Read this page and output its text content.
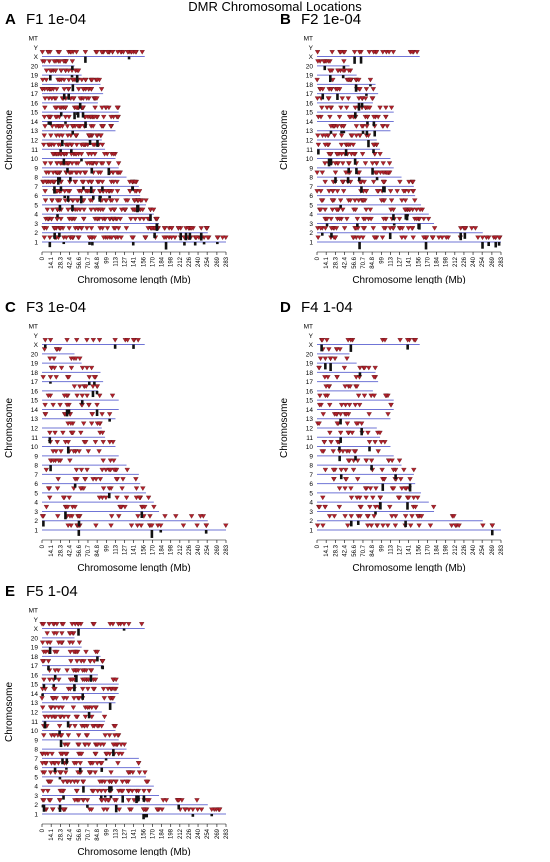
DMR Chromosomal Locations
A F1 1e-04
Chromosome
1
2
3
4
5
6
7
8
9
10
11
12
13
14
15
16
17
18
19
20
X
Y
MT
0 14.1 28.3 42.4 56.6 70.7 84.8 99 113 127 141 156 170 184 198 212 226 240 254 269 283
Chromosome length (Mb)
B F2 1e-04
Chromosome
1
2
3
4
5
6
7
8
9
10
11
12
13
14
15
16
17
18
19
20
X
Y
MT
0 14.1 28.3 42.4 56.6 70.7 84.8 99 113 127 141 156 170 184 198 212 226 240 254 269 283
Chromosome length (Mb)
C F3 1e-04
Chromosome
1
2
3
4
5
6
7
8
9
10
11
12
13
14
15
16
17
18
19
20
X
Y
MT
0 14.1 28.3 42.4 56.6 70.7 84.8 99 113 127 141 156 170 184 198 212 226 240 254 269 283
Chromosome length (Mb)
D F4 1-04
Chromosome
1
2
3
4
5
6
7
8
9
10
11
12
13
14
15
16
17
18
19
20
X
Y
MT
0 14.1 28.3 42.4 56.6 70.7 84.8 99 113 127 141 156 170 184 198 212 226 240 254 269 283
Chromosome length (Mb)
E F5 1-04
Chromosome
1
2
3
4
5
6
7
8
9
10
11
12
13
14
15
16
17
18
19
20
X
Y
MT
0 14.1 28.3 42.4 56.6 70.7 84.8 99 113 127 141 156 170 184 198 212 226 240 254 269 283
Chromosome length (Mb)
